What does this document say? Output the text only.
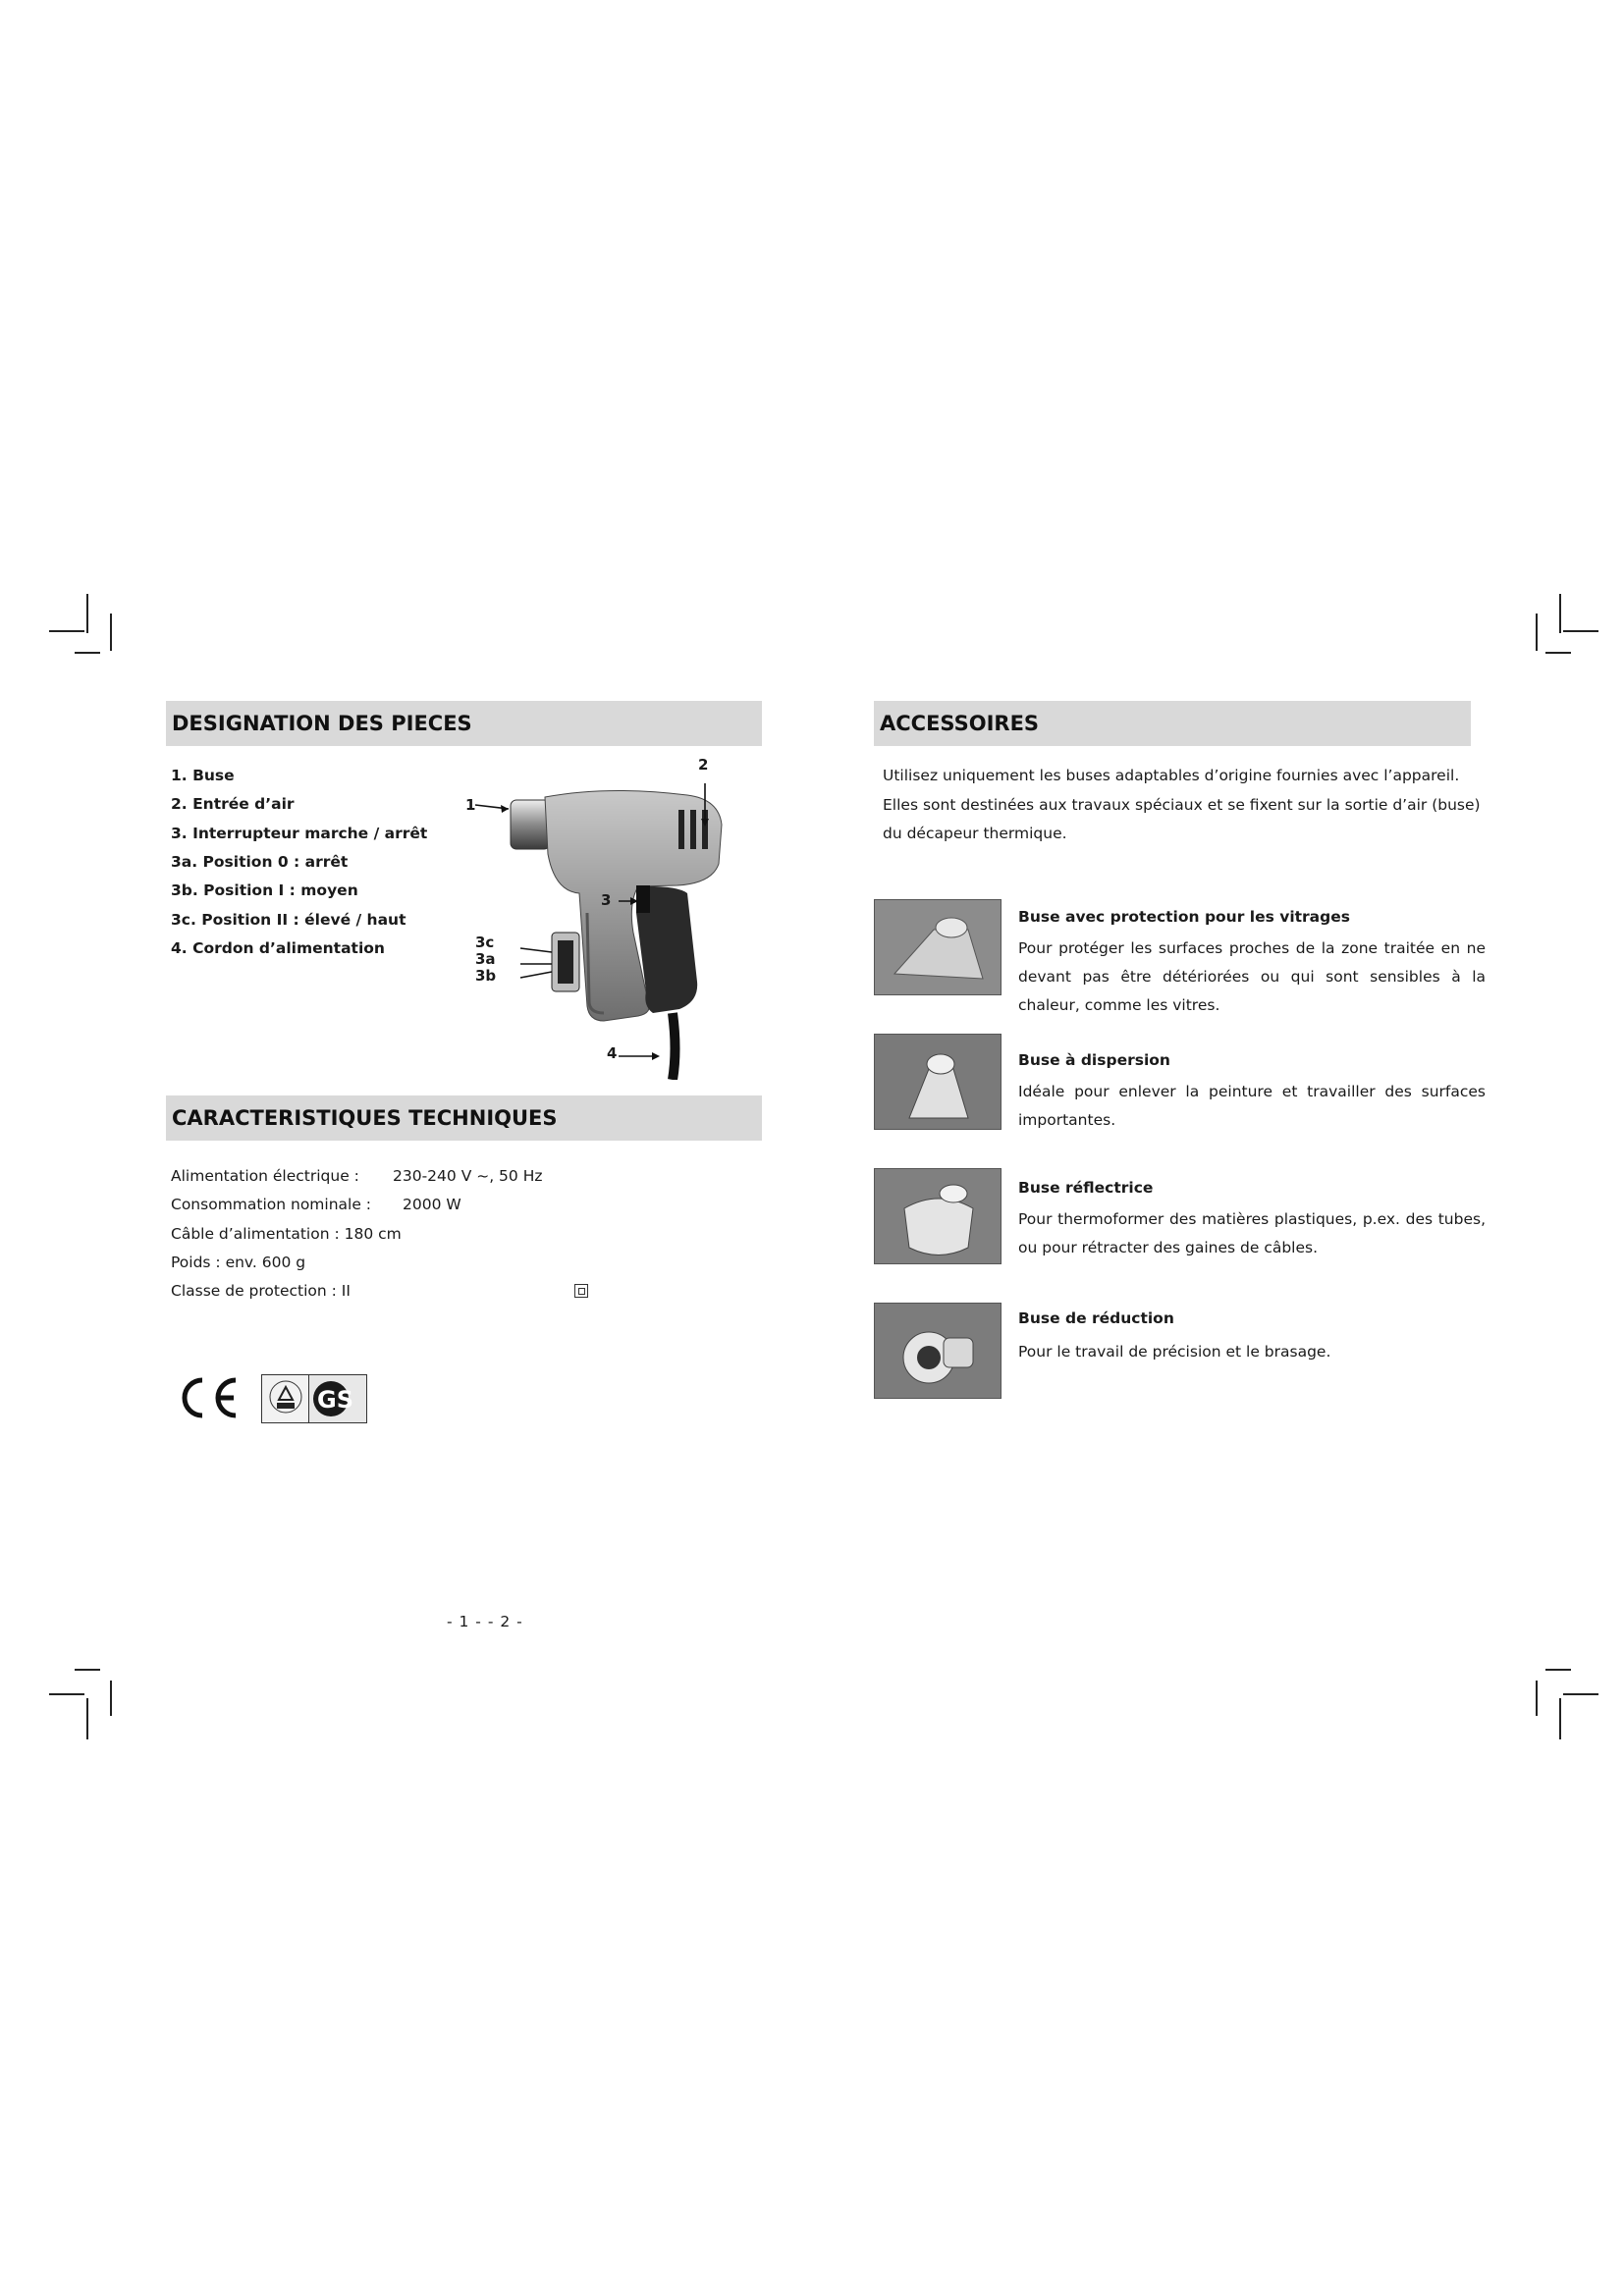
DESIGNATION DES PIECES
1. Buse
2. Entrée d’air
3. Interrupteur marche / arrêt
3a. Position 0 : arrêt
3b. Position I : moyen
3c. Position II : élevé / haut
4. Cordon d’alimentation
1
2
3
3c
3a
3b
4
CARACTERISTIQUES TECHNIQUES
Alimentation électrique : 230-240 V ~, 50 Hz
Consommation nominale : 2000 W
Câble d’alimentation : 180 cm
Poids : env. 600 g
Classe de protection : II
GS
- 1 - - 2 -
ACCESSOIRES
Utilisez uniquement les buses adaptables d’origine fournies avec l’appareil.
Elles sont destinées aux travaux spéciaux et se fixent sur la sortie d’air (buse)
du décapeur thermique.
Buse avec protection pour les vitrages
Pour protéger les surfaces proches de la zone traitée en ne devant pas être détériorées ou qui sont sensibles à la chaleur, comme les vitres.
Buse à dispersion
Idéale pour enlever la peinture et travailler des surfaces importantes.
Buse réflectrice
Pour thermoformer des matières plastiques, p.ex. des tubes, ou pour rétracter des gaines de câbles.
Buse de réduction
Pour le travail de précision et le brasage.
